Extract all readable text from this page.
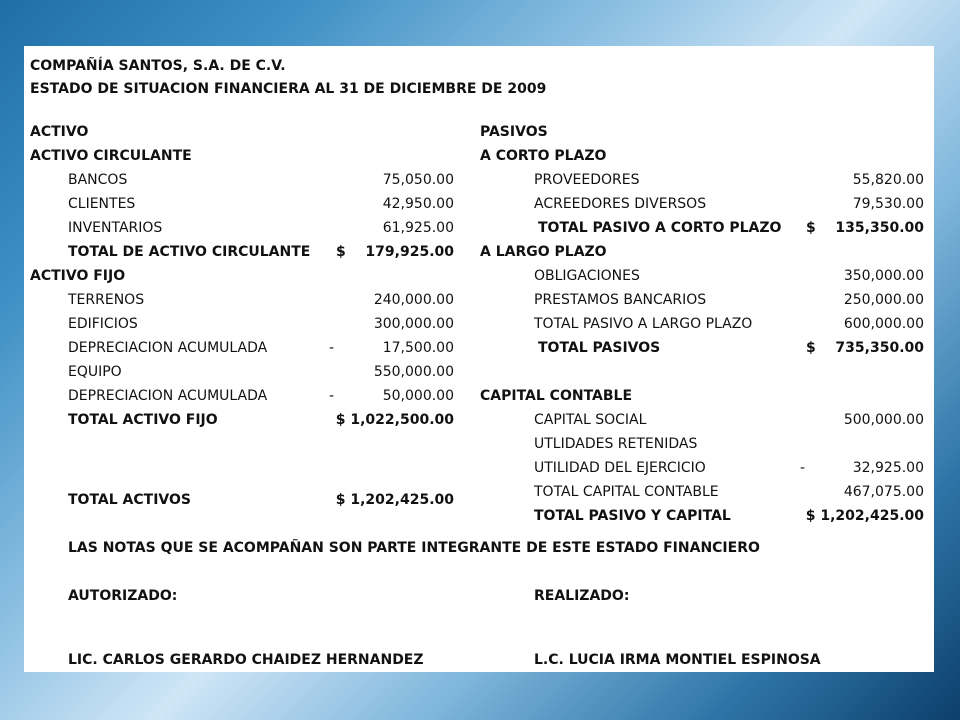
COMPAÑÍA SANTOS, S.A. DE C.V.
ESTADO DE SITUACION FINANCIERA AL 31 DE DICIEMBRE DE 2009
ACTIVO
ACTIVO CIRCULANTE
BANCOS	75,050.00
CLIENTES	42,950.00
INVENTARIOS	61,925.00
TOTAL DE ACTIVO CIRCULANTE $	179,925.00
ACTIVO FIJO
TERRENOS	240,000.00
EDIFICIOS	300,000.00
DEPRECIACION ACUMULADA	-	17,500.00
EQUIPO	550,000.00
DEPRECIACION ACUMULADA	-	50,000.00
TOTAL ACTIVO FIJO	$ 1,022,500.00
TOTAL ACTIVOS	$ 1,202,425.00
PASIVOS
A CORTO PLAZO
PROVEEDORES	55,820.00
ACREEDORES DIVERSOS	79,530.00
TOTAL PASIVO A CORTO PLAZO $	135,350.00
A LARGO PLAZO
OBLIGACIONES	350,000.00
PRESTAMOS BANCARIOS	250,000.00
TOTAL PASIVO A LARGO PLAZO	600,000.00
TOTAL PASIVOS	$	735,350.00
CAPITAL CONTABLE
CAPITAL SOCIAL	500,000.00
UTLIDADES RETENIDAS
UTILIDAD DEL EJERCICIO	-	32,925.00
TOTAL CAPITAL CONTABLE	467,075.00
TOTAL PASIVO Y CAPITAL	$ 1,202,425.00
LAS NOTAS QUE SE ACOMPAÑAN SON PARTE INTEGRANTE DE ESTE ESTADO FINANCIERO
AUTORIZADO:	REALIZADO:
LIC. CARLOS GERARDO CHAIDEZ HERNANDEZ	L.C. LUCIA IRMA MONTIEL ESPINOSA
